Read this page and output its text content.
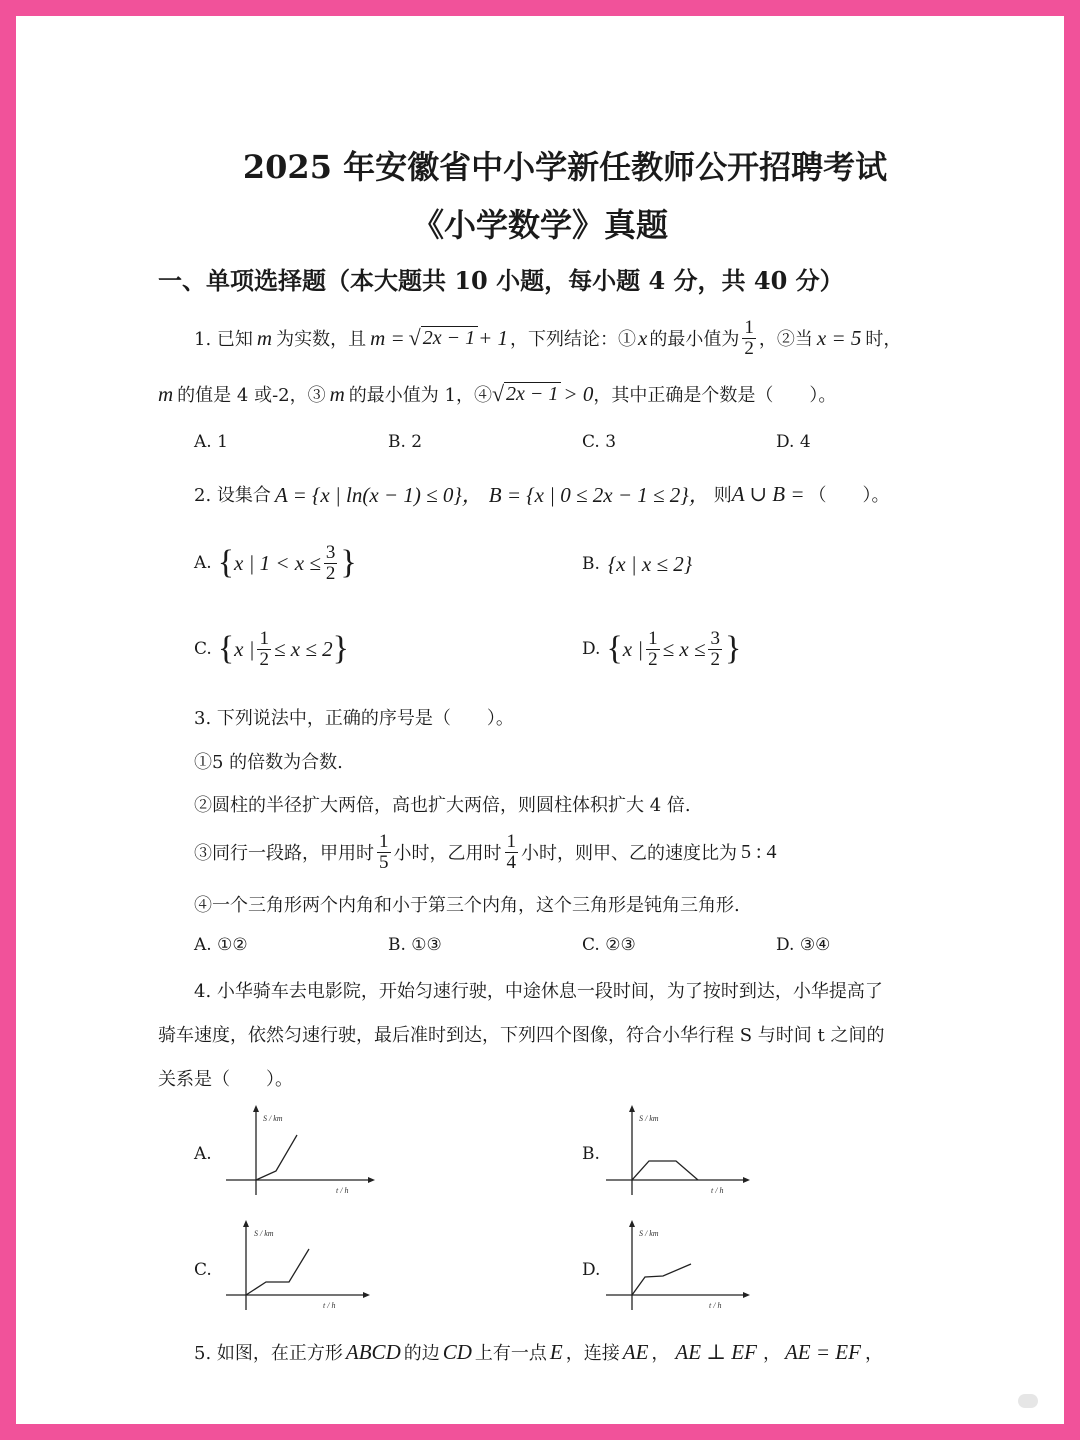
2025 年安徽省中小学新任教师公开招聘考试
《小学数学》真题
一、单项选择题（本大题共 10 小题，每小题 4 分，共 40 分）
1. 已知 m 为实数，且 m = √ 2x − 1 + 1 ，下列结论：① x 的最小值为 $\frac{1}{2}$ ，②当 x = 5 时，
m 的值是 4 或-2，③ m 的最小值为 1，④ √ 2x − 1 > 0 ，其中正确是个数是（　　）。
A. 1	B. 2	C. 3	D. 4
2. 设集合 A = {x | ln(x − 1) ≤ 0}， B = {x | 0 ≤ 2x − 1 ≤ 2}， 则 A ∪ B = （　　）。
A. { x | $1 < x \le \frac{3}{2}$ }	B. {x | x ≤ 2}
C. { x | $\frac{1}{2} \le x \le 2$ }	D. { x | $\frac{1}{2} \le x \le \frac{3}{2}$ }
3. 下列说法中，正确的序号是（　　）。
①5 的倍数为合数.
②圆柱的半径扩大两倍，高也扩大两倍，则圆柱体积扩大 4 倍.
③同行一段路，甲用时 $\frac{1}{5}$ 小时，乙用时 $\frac{1}{4}$ 小时，则甲、乙的速度比为 5 : 4
④一个三角形两个内角和小于第三个内角，这个三角形是钝角三角形.
A. ①②	B. ①③	C. ②③	D. ③④
4. 小华骑车去电影院，开始匀速行驶，中途休息一段时间，为了按时到达，小华提高了
骑车速度，依然匀速行驶，最后准时到达，下列四个图像，符合小华行程 S 与时间 t 之间的
关系是（　　）。
A.
S / km
t / h
B.
S / km
t / h
C.
S / km
t / h
D.
S / km
t / h
5. 如图，在正方形 ABCD 的边 CD 上有一点 E ，连接 AE ， AE ⊥ EF ， AE = EF ，
